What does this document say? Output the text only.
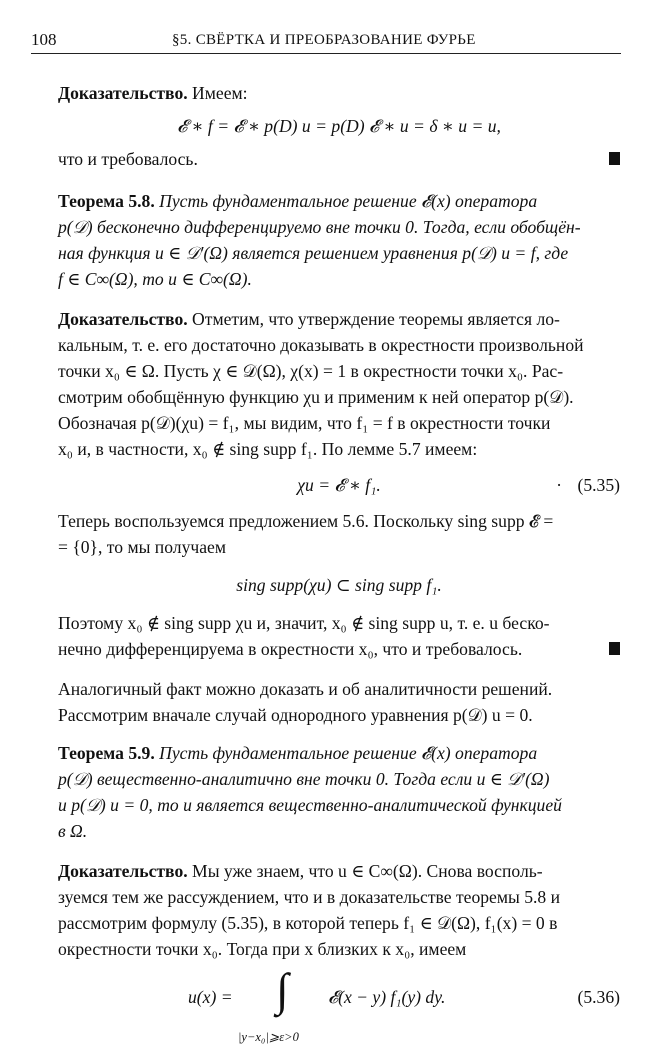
108	§5. СВЁРТКА И ПРЕОБРАЗОВАНИЕ ФУРЬЕ

Доказательство. Имеем:

𝓔 ∗ f = 𝓔 ∗ p(D) u = p(D) 𝓔 ∗ u = δ ∗ u = u,
что и требовалось.
Теорема 5.8. Пусть фундаментальное решение 𝓔(x) оператора
p(𝒟) бесконечно дифференцируемо вне точки 0. Тогда, если обобщён-
ная функция u ∈ 𝒟′(Ω) является решением уравнения p(𝒟) u = f, где
f ∈ C∞(Ω), то u ∈ C∞(Ω).
Доказательство. Отметим, что утверждение теоремы является ло-
кальным, т. е. его достаточно доказывать в окрестности произвольной
точки x₀ ∈ Ω. Пусть χ ∈ 𝒟(Ω), χ(x) = 1 в окрестности точки x₀. Рас-
смотрим обобщённую функцию χu и применим к ней оператор p(𝒟).
Обозначая p(𝒟)(χu) = f₁, мы видим, что f₁ = f в окрестности точки
x₀ и, в частности, x₀ ∉ sing supp f₁. По лемме 5.7 имеем:
χu = 𝓔 ∗ f₁.	· (5.35)
Теперь воспользуемся предложением 5.6. Поскольку sing supp 𝓔 =
= {0}, то мы получаем
sing supp(χu) ⊂ sing supp f₁.
Поэтому x₀ ∉ sing supp χu и, значит, x₀ ∉ sing supp u, т. е. u беско-
нечно дифференцируема в окрестности x₀, что и требовалось.
Аналогичный факт можно доказать и об аналитичности решений.
Рассмотрим вначале случай однородного уравнения p(𝒟) u = 0.
Теорема 5.9. Пусть фундаментальное решение 𝓔(x) оператора
p(𝒟) вещественно-аналитично вне точки 0. Тогда если u ∈ 𝒟′(Ω)
и p(𝒟) u = 0, то u является вещественно-аналитической функцией
в Ω.
Доказательство. Мы уже знаем, что u ∈ C∞(Ω). Снова восполь-
зуемся тем же рассуждением, что и в доказательстве теоремы 5.8 и
рассмотрим формулу (5.35), в которой теперь f₁ ∈ 𝒟(Ω), f₁(x) = 0 в
окрестности точки x₀. Тогда при x близких к x₀, имеем
u(x) = ∫
|y−x₀|⩾ε>0
𝓔(x − y) f₁(y) dy.	(5.36)
